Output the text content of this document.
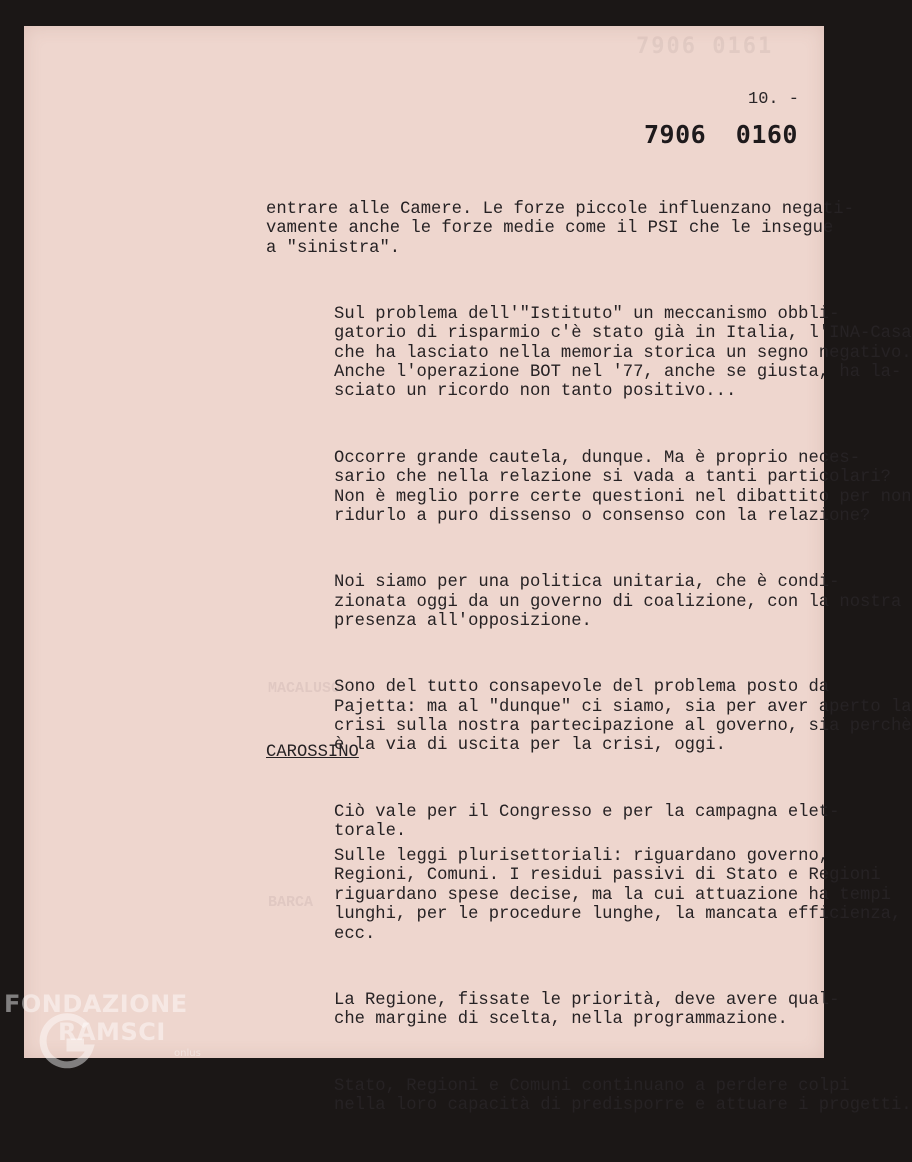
7906 0161
MACALUSO
BARCA
10. -
7906 0160

entrare alle Camere. Le forze piccole influenzano negati-
vamente anche le forze medie come il PSI che le insegue
a "sinistra".

Sul problema dell'"Istituto" un meccanismo obbli-
gatorio di risparmio c'è stato già in Italia, l'INA-Casa
che ha lasciato nella memoria storica un segno negativo.
Anche l'operazione BOT nel '77, anche se giusta, ha la-
sciato un ricordo non tanto positivo...

Occorre grande cautela, dunque. Ma è proprio neces-
sario che nella relazione si vada a tanti particolari?
Non è meglio porre certe questioni nel dibattito per non
ridurlo a puro dissenso o consenso con la relazione?

Noi siamo per una politica unitaria, che è condi-
zionata oggi da un governo di coalizione, con la nostra
presenza all'opposizione.

Sono del tutto consapevole del problema posto da
Pajetta: ma al "dunque" ci siamo, sia per aver aperto la
crisi sulla nostra partecipazione al governo, sia perchè
è la via di uscita per la crisi, oggi.

Ciò vale per il Congresso e per la campagna elet-
torale.

CAROSSINO

Sulle leggi plurisettoriali: riguardano governo,
Regioni, Comuni. I residui passivi di Stato e Regioni
riguardano spese decise, ma la cui attuazione ha tempi
lunghi, per le procedure lunghe, la mancata efficienza,
ecc.

La Regione, fissate le priorità, deve avere qual-
che margine di scelta, nella programmazione.

Stato, Regioni e Comuni continuano a perdere colpi
nella loro capacità di predisporre e attuare i progetti.

FONDAZIONE
RAMSCI
onlus
